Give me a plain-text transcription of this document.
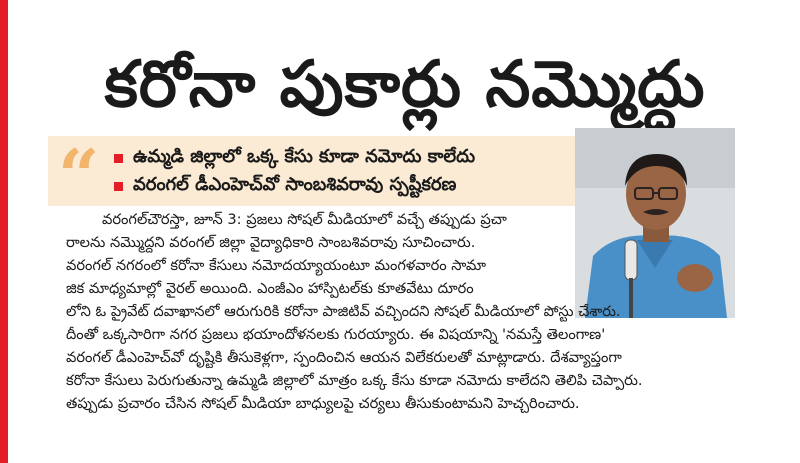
కరోనా పుకార్లు నమ్మొద్దు
“ ఉమ్మడి జిల్లాలో ఒక్క కేసు కూడా నమోదు కాలేదు
వరంగల్ డీఎంహెచ్‌వో సాంబశివరావు స్పష్టీకరణ
వరంగల్‌చౌరస్తా, జూన్ 3: ప్రజలు సోషల్ మీడియాలో వచ్చే తప్పుడు ప్రచా
రాలను నమ్మొద్దని వరంగల్ జిల్లా వైద్యాధికారి సాంబశివరావు సూచించారు.
వరంగల్ నగరంలో కరోనా కేసులు నమోదయ్యాయంటూ మంగళవారం సామా
జిక మాధ్యమాల్లో వైరల్ అయింది. ఎంజీఎం హాస్పిటల్‌కు కూతవేటు దూరం
లోని ఓ ప్రైవేట్ దవాఖానలో ఆరుగురికి కరోనా పాజిటివ్ వచ్చిందని సోషల్ మీడియాలో పోస్టు చేశారు.
దీంతో ఒక్కసారిగా నగర ప్రజలు భయాందోళనలకు గురయ్యారు. ఈ విషయాన్ని 'నమస్తే తెలంగాణ'
వరంగల్ డీఎంహెచ్‌వో దృష్టికి తీసుకెళ్లగా, స్పందించిన ఆయన విలేకరులతో మాట్లాడారు. దేశవ్యాప్తంగా
కరోనా కేసులు పెరుగుతున్నా ఉమ్మడి జిల్లాలో మాత్రం ఒక్క కేసు కూడా నమోదు కాలేదని తెలిపి చెప్పారు.
తప్పుడు ప్రచారం చేసిన సోషల్ మీడియా బాధ్యులపై చర్యలు తీసుకుంటామని హెచ్చరించారు.
